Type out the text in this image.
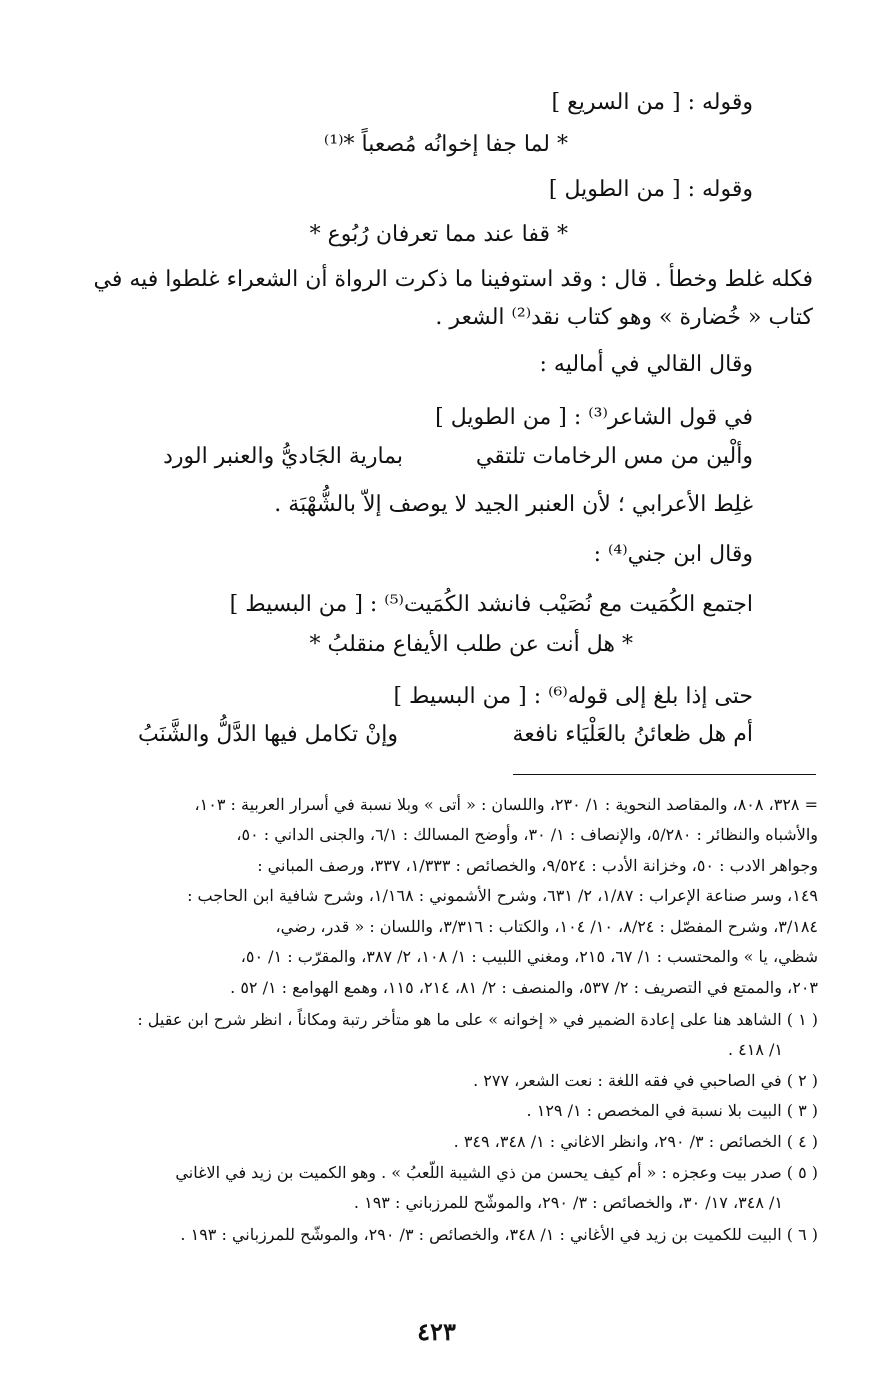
وقوله : [ من السريع ]
* لما جفا إخوانُه مُصعباً *⁽¹⁾
وقوله : [ من الطويل ]
* قفا عند مما تعرفان رُبُوع *
فكله غلط وخطأ . قال : وقد استوفينا ما ذكرت الرواة أن الشعراء غلطوا فيه في
كتاب « خُضارة » وهو كتاب نقد⁽²⁾ الشعر .
وقال القالي في أماليه :
في قول الشاعر⁽³⁾ : [ من الطويل ]
وألْين من مس الرخامات تلتقي
بمارية الجَاديُّ والعنبر الورد
غلِط الأعرابي ؛ لأن العنبر الجيد لا يوصف إلاّ بالشُّهْبَة .
وقال ابن جني⁽⁴⁾ :
اجتمع الكُمَيت مع نُصَيْب فانشد الكُمَيت⁽⁵⁾ : [ من البسيط ]
* هل أنت عن طلب الأيفاع منقلبُ *
حتى إذا بلغ إلى قوله⁽⁶⁾ : [ من البسيط ]
أم هل ظعائنُ بالعَلْيَاء نافعة
وإنْ تكامل فيها الدَّلُّ والشَّنَبُ
= ٣٢٨، ٨٠٨، والمقاصد النحوية : ١/ ٢٣٠، واللسان : « أتى » وبلا نسبة في أسرار العربية : ١٠٣،
والأشباه والنظائر : ٥/٢٨٠، والإنصاف : ١/ ٣٠، وأوضح المسالك : ٦/١، والجنى الداني : ٥٠،
وجواهر الادب : ٥٠، وخزانة الأدب : ٩/٥٢٤، والخصائص : ١/٣٣٣، ٣٣٧، ورصف المباني :
١٤٩، وسر صناعة الإعراب : ١/٨٧، ٢/ ٦٣١، وشرح الأشموني : ١/١٦٨، وشرح شافية ابن الحاجب :
٣/١٨٤، وشرح المفصّل : ٨/٢٤، ١٠/ ١٠٤، والكتاب : ٣/٣١٦، واللسان : « قدر، رضي،
شظي، يا » والمحتسب : ١/ ٦٧، ٢١٥، ومغني اللبيب : ١/ ١٠٨، ٢/ ٣٨٧، والمقرّب : ١/ ٥٠،
٢٠٣، والممتع في التصريف : ٢/ ٥٣٧، والمنصف : ٢/ ٨١، ٢١٤، ١١٥، وهمع الهوامع : ١/ ٥٢ .
( ١ ) الشاهد هنا على إعادة الضمير في « إخوانه » على ما هو متأخر رتبة ومكاناً ، انظر شرح ابن عقيل :
١/ ٤١٨ .
( ٢ ) في الصاحبي في فقه اللغة : نعت الشعر، ٢٧٧ .
( ٣ ) البيت بلا نسبة في المخصص : ١/ ١٢٩ .
( ٤ ) الخصائص : ٣/ ٢٩٠، وانظر الاغاني : ١/ ٣٤٨، ٣٤٩ .
( ٥ ) صدر بيت وعجزه : « أم كيف يحسن من ذي الشيبة اللّعبُ » . وهو الكميت بن زيد في الاغاني
١/ ٣٤٨، ١٧/ ٣٠، والخصائص : ٣/ ٢٩٠، والموشّح للمرزباني : ١٩٣ .
( ٦ ) البيت للكميت بن زيد في الأغاني : ١/ ٣٤٨، والخصائص : ٣/ ٢٩٠، والموشّح للمرزباني : ١٩٣ .
٤٢٣
